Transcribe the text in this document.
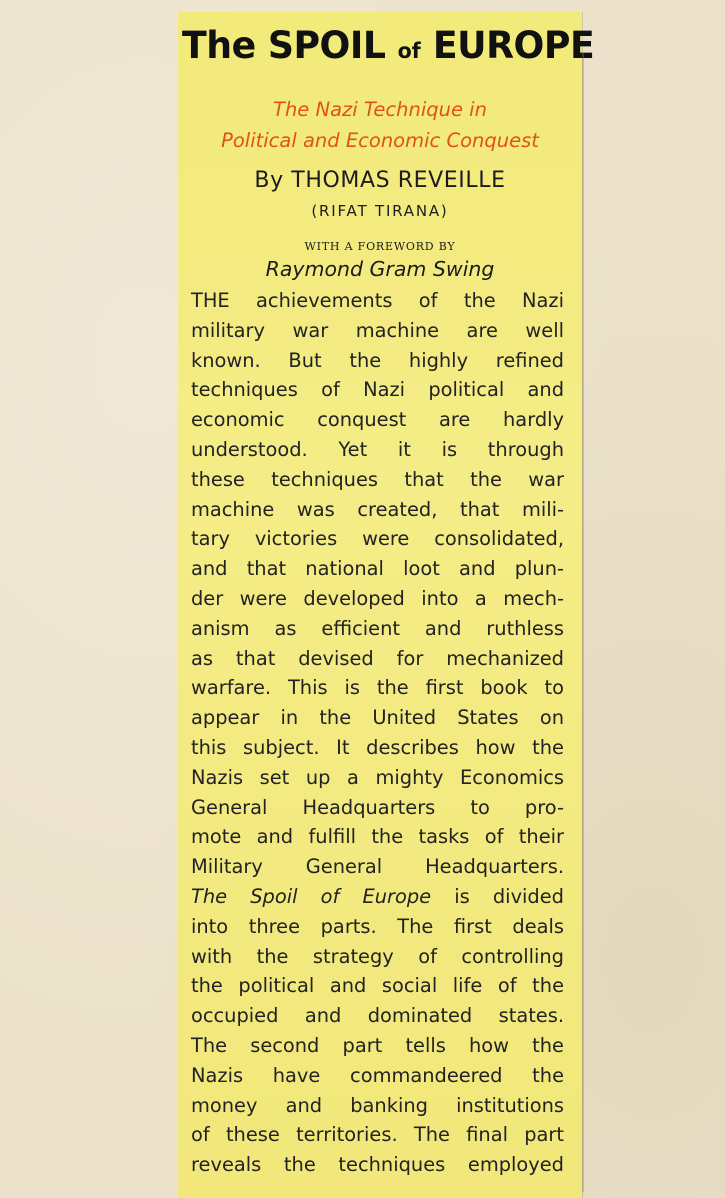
The SPOIL of EUROPE
The Nazi Technique in
Political and Economic Conquest
By THOMAS REVEILLE
(RIFAT TIRANA)
WITH A FOREWORD BY
Raymond Gram Swing
THE achievements of the Nazi
military war machine are well
known. But the highly refined
techniques of Nazi political and
economic conquest are hardly
understood. Yet it is through
these techniques that the war
machine was created, that mili-
tary victories were consolidated,
and that national loot and plun-
der were developed into a mech-
anism as efficient and ruthless
as that devised for mechanized
warfare. This is the first book to
appear in the United States on
this subject. It describes how the
Nazis set up a mighty Economics
General Headquarters to pro-
mote and fulfill the tasks of their
Military General Headquarters.
The Spoil of Europe is divided
into three parts. The first deals
with the strategy of controlling
the political and social life of the
occupied and dominated states.
The second part tells how the
Nazis have commandeered the
money and banking institutions
of these territories. The final part
reveals the techniques employed
